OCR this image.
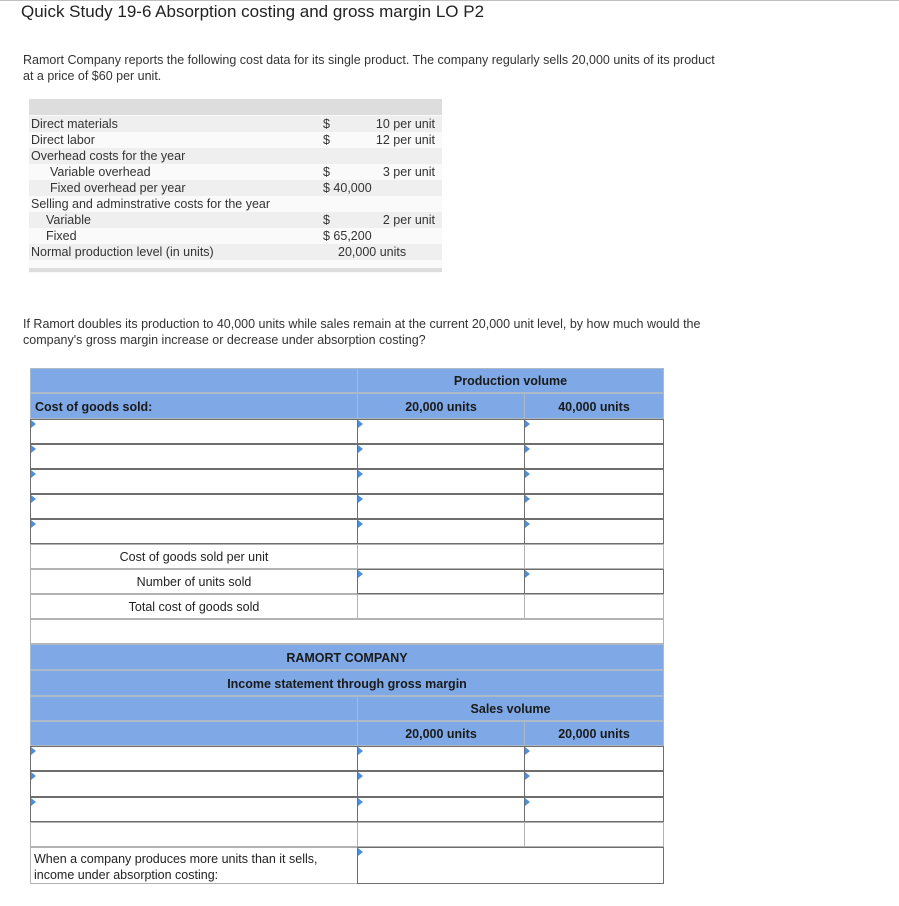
Quick Study 19-6 Absorption costing and gross margin LO P2
Ramort Company reports the following cost data for its single product. The company regularly sells 20,000 units of its product at a price of $60 per unit.
Direct materials	$	10 per unit
Direct labor	$	12 per unit
Overhead costs for the year
Variable overhead	$	3 per unit
Fixed overhead per year	$ 40,000
Selling and adminstrative costs for the year
Variable	$	2 per unit
Fixed	$ 65,200
Normal production level (in units)	20,000 units
If Ramort doubles its production to 40,000 units while sales remain at the current 20,000 unit level, by how much would the company's gross margin increase or decrease under absorption costing?
Production volume
Cost of goods sold:	20,000 units	40,000 units
Cost of goods sold per unit
Number of units sold
Total cost of goods sold
RAMORT COMPANY
Income statement through gross margin
Sales volume
20,000 units	20,000 units
When a company produces more units than it sells, income under absorption costing:
